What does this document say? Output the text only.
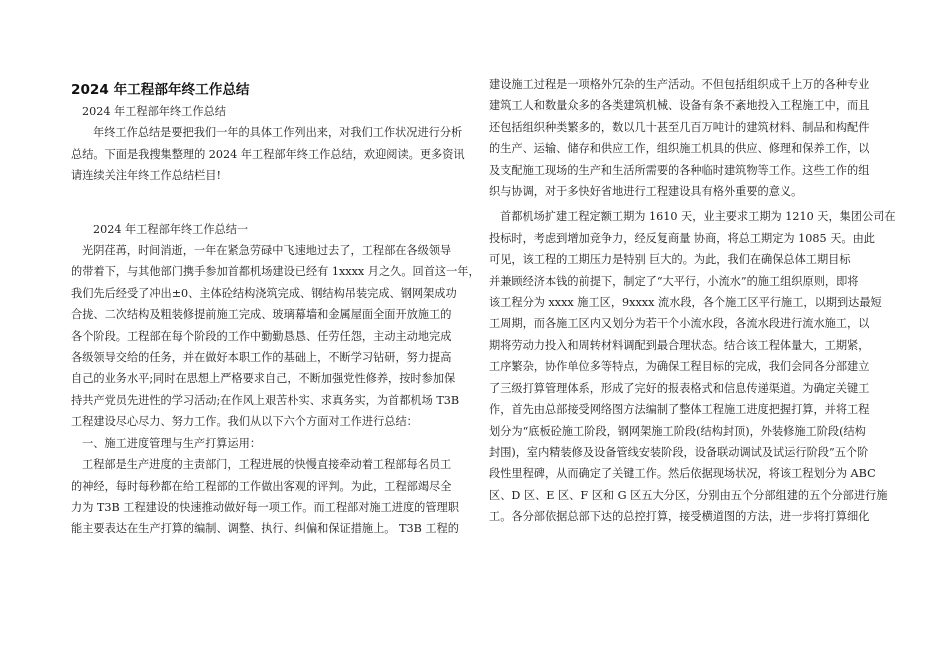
2024 年工程部年终工作总结

2024 年工程部年终工作总结

年终工作总结是要把我们一年的具体工作列出来，对我们工作状况进行分析

总结。下面是我搜集整理的 2024 年工程部年终工作总结，欢迎阅读。更多资讯

请连续关注年终工作总结栏目!

2024 年工程部年终工作总结一

光阴荏苒，时间消逝，一年在紧急劳碌中飞速地过去了，工程部在各级领导

的带着下，与其他部门携手参加首都机场建设已经有 1xxxx 月之久。回首这一年，

我们先后经受了冲出±0、主体砼结构浇筑完成、钢结构吊装完成、钢网架成功

合拢、二次结构及粗装修提前施工完成、玻璃幕墙和金属屋面全面开放施工的

各个阶段。工程部在每个阶段的工作中勤勤恳恳、任劳任怨，主动主动地完成

各级领导交给的任务，并在做好本职工作的基础上，不断学习钻研，努力提高

自己的业务水平;同时在思想上严格要求自己，不断加强党性修养，按时参加保

持共产党员先进性的学习活动;在作风上艰苦朴实、求真务实，为首都机场 T3B

工程建设尽心尽力、努力工作。我们从以下六个方面对工作进行总结：

一、施工进度管理与生产打算运用：

工程部是生产进度的主责部门，工程进展的快慢直接牵动着工程部每名员工

的神经，每时每秒都在给工程部的工作做出客观的评判。为此，工程部竭尽全

力为 T3B 工程建设的快速推动做好每一项工作。而工程部对施工进度的管理职

能主要表达在生产打算的编制、调整、执行、纠偏和保证措施上。 T3B 工程的

建设施工过程是一项格外冗杂的生产活动。不但包括组织成千上万的各种专业

建筑工人和数量众多的各类建筑机械、设备有条不紊地投入工程施工中，而且

还包括组织种类繁多的，数以几十甚至几百万吨计的建筑材料、制品和构配件

的生产、运输、储存和供应工作，组织施工机具的供应、修理和保养工作，以

及支配施工现场的生产和生活所需要的各种临时建筑物等工作。这些工作的组

织与协调，对于多快好省地进行工程建设具有格外重要的意义。

首都机场扩建工程定额工期为 1610 天，业主要求工期为 1210 天，集团公司在

投标时，考虑到增加竞争力，经反复商量 协商，将总工期定为 1085 天。由此

可见，该工程的工期压力是特别 巨大的。为此，我们在确保总体工期目标

并兼顾经济本钱的前提下，制定了“大平行，小流水”的施工组织原则，即将

该工程分为 xxxx 施工区，9xxxx 流水段，各个施工区平行施工，以期到达最短

工周期，而各施工区内又划分为若干个小流水段，各流水段进行流水施工，以

期将劳动力投入和周转材料调配到最合理状态。结合该工程体量大，工期紧，

工序繁杂，协作单位多等特点，为确保工程目标的完成，我们会同各分部建立

了三级打算管理体系，形成了完好的报表格式和信息传递渠道。为确定关键工

作，首先由总部接受网络图方法编制了整体工程施工进度把握打算，并将工程

划分为“底板砼施工阶段，钢网架施工阶段(结构封顶)，外装修施工阶段(结构

封围)，室内精装修及设备管线安装阶段，设备联动调试及试运行阶段”五个阶

段性里程碑，从而确定了关键工作。然后依据现场状况，将该工程划分为 ABC

区、D 区、E 区、F 区和 G 区五大分区，分别由五个分部组建的五个分部进行施

工。各分部依据总部下达的总控打算，接受横道图的方法，进一步将打算细化
